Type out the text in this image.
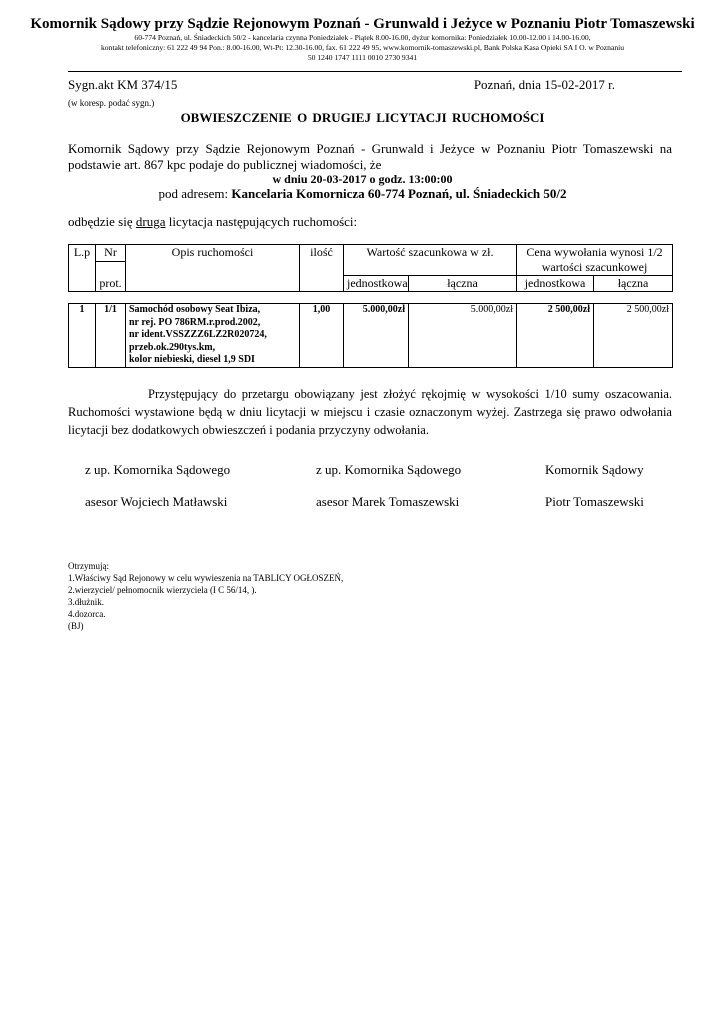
Komornik Sądowy przy Sądzie Rejonowym Poznań - Grunwald i Jeżyce w Poznaniu Piotr Tomaszewski
60-774 Poznań, ul. Śniadeckich 50/2 - kancelaria czynna Poniedziałek - Piątek 8.00-16.00, dyżur komornika: Poniedziałek 10.00-12.00 i 14.00-16.00,
kontakt telefoniczny: 61 222 49 94 Pon.: 8.00-16.00, Wt-Pt: 12.30-16.00, fax. 61 222 49 95, www.komornik-tomaszewski.pl, Bank Polska Kasa Opieki SA I O. w Poznaniu
50 1240 1747 1111 0010 2730 9341
Sygn.akt KM 374/15	Poznań, dnia 15-02-2017 r.
(w koresp. podać sygn.)
OBWIESZCZENIE O DRUGIEJ LICYTACJI RUCHOMOŚCI
Komornik Sądowy przy Sądzie Rejonowym Poznań - Grunwald i Jeżyce w Poznaniu Piotr Tomaszewski na podstawie art. 867 kpc podaje do publicznej wiadomości, że
w dniu 20-03-2017 o godz. 13:00:00
pod adresem: Kancelaria Komornicza 60-774 Poznań, ul. Śniadeckich 50/2
odbędzie się druga licytacja następujących ruchomości:
L.p	Nr	Opis ruchomości	ilość	Wartość szacunkowa w zł.		Cena wywołania wynosi 1/2 wartości szacunkowej	

	prot.			jednostkowa	łączna	jednostkowa	łączna
1	1/1	Samochód osobowy Seat Ibiza,
nr rej. PO 786RM.r.prod.2002,
nr ident.VSSZZZ6LZ2R020724,
przeb.ok.290tys.km,
kolor niebieski, diesel 1,9 SDI
	1,00	5.000,00zł	5.000,00zł	2 500,00zł	2 500,00zł
Przystępujący do przetargu obowiązany jest złożyć rękojmię w wysokości 1/10 sumy oszacowania. Ruchomości wystawione będą w dniu licytacji w miejscu i czasie oznaczonym wyżej. Zastrzega się prawo odwołania licytacji bez dodatkowych obwieszczeń i podania przyczyny odwołania.
z up. Komornika Sądowego
asesor Wojciech Matławski
z up. Komornika Sądowego
asesor Marek Tomaszewski
Komornik Sądowy
Piotr Tomaszewski
Otrzymują:
1.Właściwy Sąd Rejonowy w celu wywieszenia na TABLICY OGŁOSZEŃ,
2.wierzyciel/ pełnomocnik wierzyciela (I C 56/14, ).
3.dłużnik.
4.dozorca.
(BJ)
